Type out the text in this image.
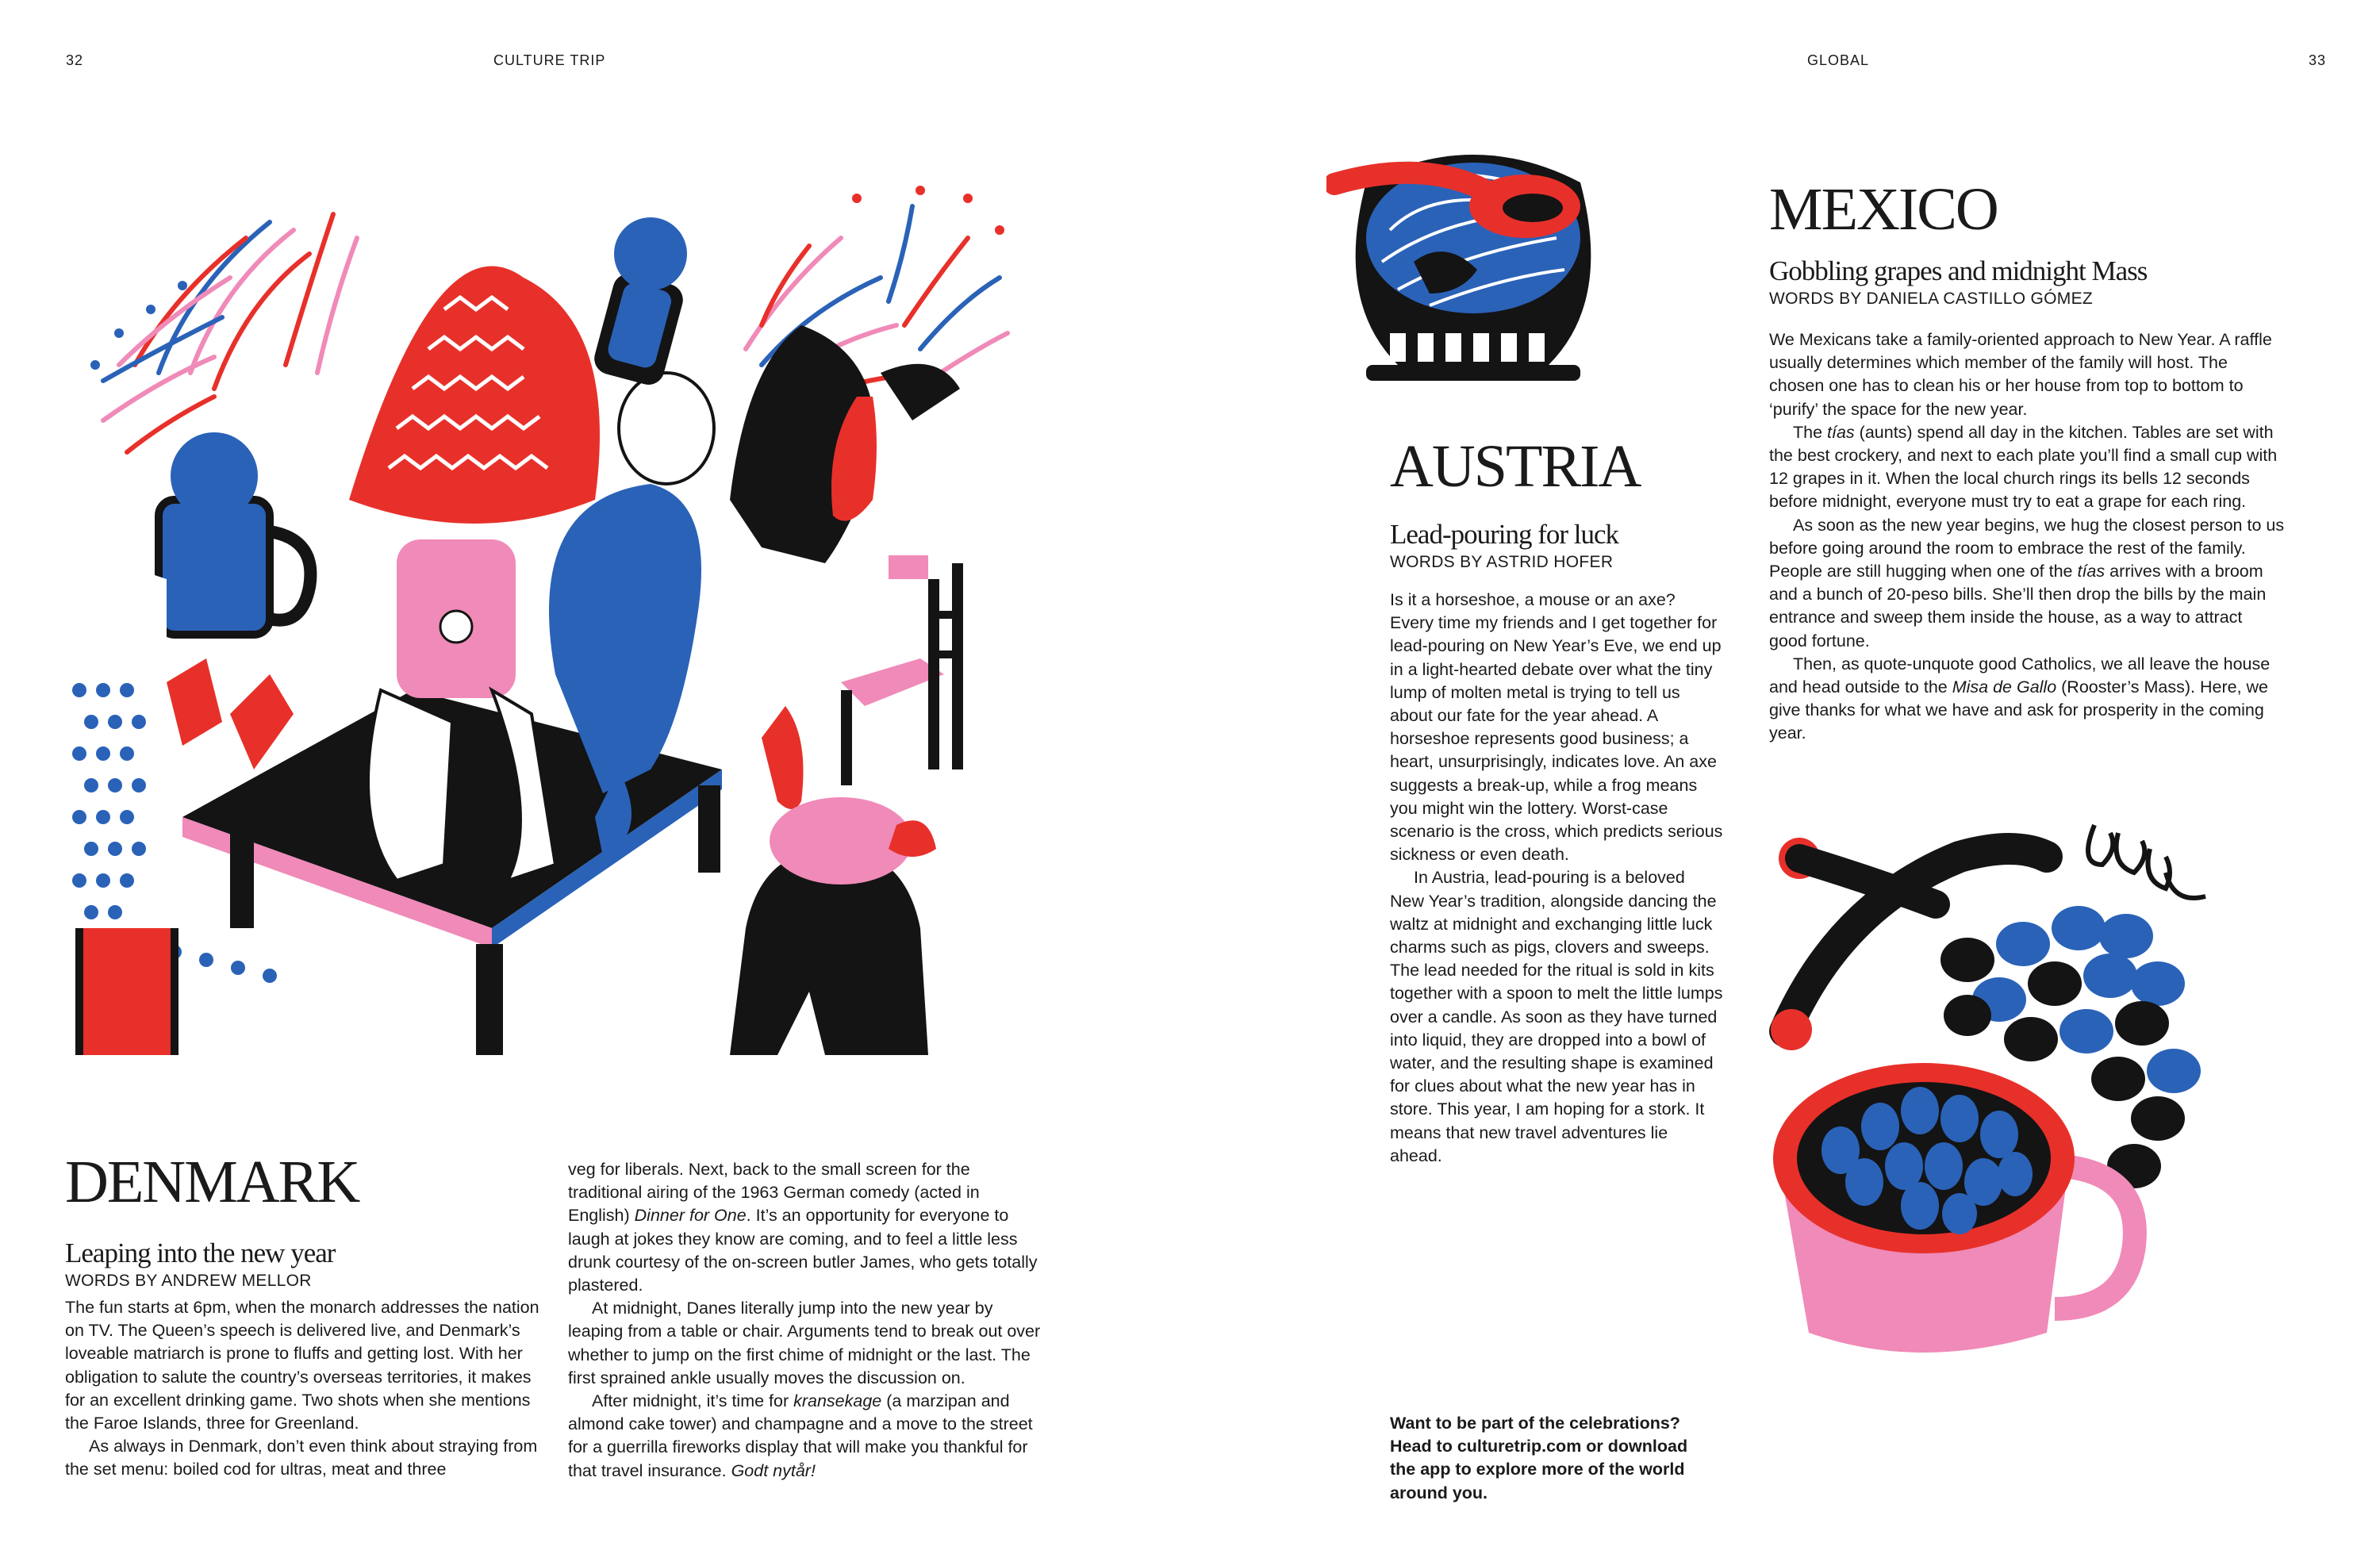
32	CULTURE TRIP	GLOBAL	33
DENMARK
Leaping into the new year
WORDS BY ANDREW MELLOR

The fun starts at 6pm, when the monarch addresses the nation on TV. The Queen’s speech is delivered live, and Denmark’s loveable matriarch is prone to fluffs and getting lost. With her obligation to salute the country’s overseas territories, it makes for an excellent drinking game. Two shots when she mentions the Faroe Islands, three for Greenland.

As always in Denmark, don’t even think about straying from the set menu: boiled cod for ultras, meat and three

veg for liberals. Next, back to the small screen for the traditional airing of the 1963 German comedy (acted in English) Dinner for One. It’s an opportunity for everyone to laugh at jokes they know are coming, and to feel a little less drunk courtesy of the on-screen butler James, who gets totally plastered.

At midnight, Danes literally jump into the new year by leaping from a table or chair. Arguments tend to break out over whether to jump on the first chime of midnight or the last. The first sprained ankle usually moves the discussion on.

After midnight, it’s time for kransekage (a marzipan and almond cake tower) and champagne and a move to the street for a guerrilla fireworks display that will make you thankful for that travel insurance. Godt nytår!

AUSTRIA
Lead-pouring for luck
WORDS BY ASTRID HOFER

Is it a horseshoe, a mouse or an axe? Every time my friends and I get together for lead-pouring on New Year’s Eve, we end up in a light-hearted debate over what the tiny lump of molten metal is trying to tell us about our fate for the year ahead. A horseshoe represents good business; a heart, unsurprisingly, indicates love. An axe suggests a break-up, while a frog means you might win the lottery. Worst-case scenario is the cross, which predicts serious sickness or even death.

In Austria, lead-pouring is a beloved New Year’s tradition, alongside dancing the waltz at midnight and exchanging little luck charms such as pigs, clovers and sweeps. The lead needed for the ritual is sold in kits together with a spoon to melt the little lumps over a candle. As soon as they have turned into liquid, they are dropped into a bowl of water, and the resulting shape is examined for clues about what the new year has in store. This year, I am hoping for a stork. It means that new travel adventures lie ahead.

Want to be part of the celebrations? Head to culturetrip.com or download the app to explore more of the world around you.
MEXICO
Gobbling grapes and midnight Mass
WORDS BY DANIELA CASTILLO GÓMEZ

We Mexicans take a family-oriented approach to New Year. A raffle usually determines which member of the family will host. The chosen one has to clean his or her house from top to bottom to ‘purify’ the space for the new year.

The tías (aunts) spend all day in the kitchen. Tables are set with the best crockery, and next to each plate you’ll find a small cup with 12 grapes in it. When the local church rings its bells 12 seconds before midnight, everyone must try to eat a grape for each ring.

As soon as the new year begins, we hug the closest person to us before going around the room to embrace the rest of the family. People are still hugging when one of the tías arrives with a broom and a bunch of 20-peso bills. She’ll then drop the bills by the main entrance and sweep them inside the house, as a way to attract good fortune.

Then, as quote-unquote good Catholics, we all leave the house and head outside to the Misa de Gallo (Rooster’s Mass). Here, we give thanks for what we have and ask for prosperity in the coming year.
